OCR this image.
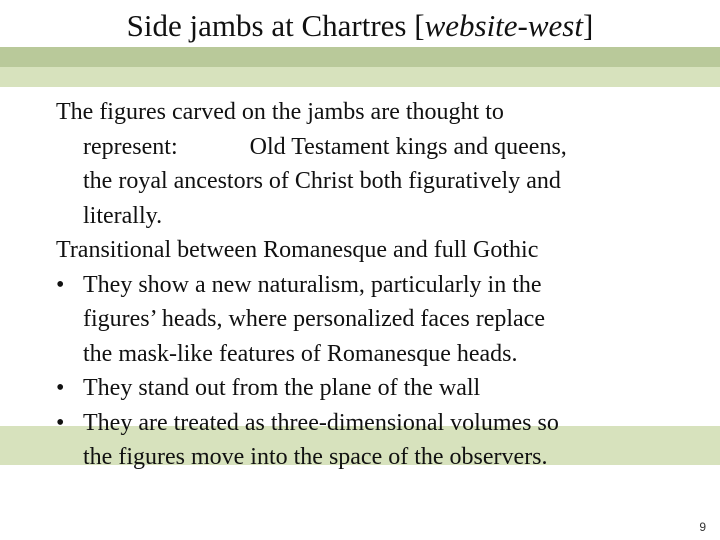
Side jambs at Chartres [website-west]
The figures carved on the jambs are thought to
represent:	Old Testament kings and queens,
the royal ancestors of Christ both figuratively and
literally.
Transitional between Romanesque and full Gothic
• They show a new naturalism, particularly in the
figures’ heads, where personalized faces replace
the mask-like features of Romanesque heads.
• They stand out from the plane of the wall
• They are treated as three-dimensional volumes so
the figures move into the space of the observers.
9
